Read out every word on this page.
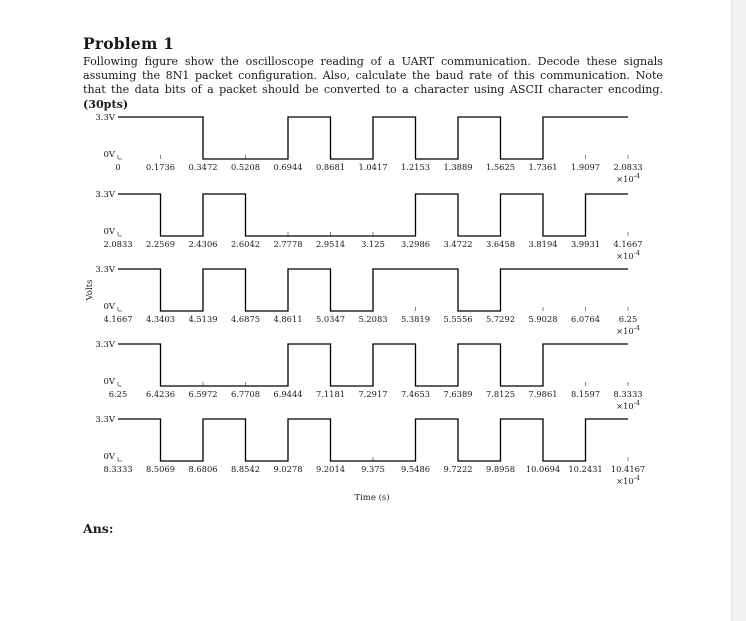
Problem 1
Following figure show the oscilloscope reading of a UART communication. Decode these signals assuming the 8N1 packet configuration. Also, calculate the baud rate of this communication. Note that the data bits of a packet should be converted to a character using ASCII character encoding. (30pts)
3.3V
0V
0	0.1736 0.3472 0.5208 0.6944 0.8681 1.0417 1.2153 1.3889 1.5625 1.7361 1.9097 2.0833
$\times 10^{-4}$
3.3V
0V
2.0833 2.2569 2.4306 2.6042 2.7778 2.9514 3.125 3.2986 3.4722 3.6458 3.8194 3.9931 4.1667
$\times 10^{-4}$
3.3V
0V
4.1667 4.3403 4.5139 4.6875 4.8611 5.0347 5.2083 5.3819 5.5556 5.7292 5.9028 6.0764 6.25
$\times 10^{-4}$
3.3V
0V
6.25 6.4236 6.5972 6.7708 6.9444 7.1181 7.2917 7.4653 7.6389 7.8125 7.9861 8.1597 8.3333
$\times 10^{-4}$
3.3V
0V
8.3333 8.5069 8.6806 8.8542 9.0278 9.2014 9.375 9.5486 9.7222 9.8958 10.0694 10.2431 10.4167
$\times 10^{-4}$
Volts
Time (s)
Ans:
